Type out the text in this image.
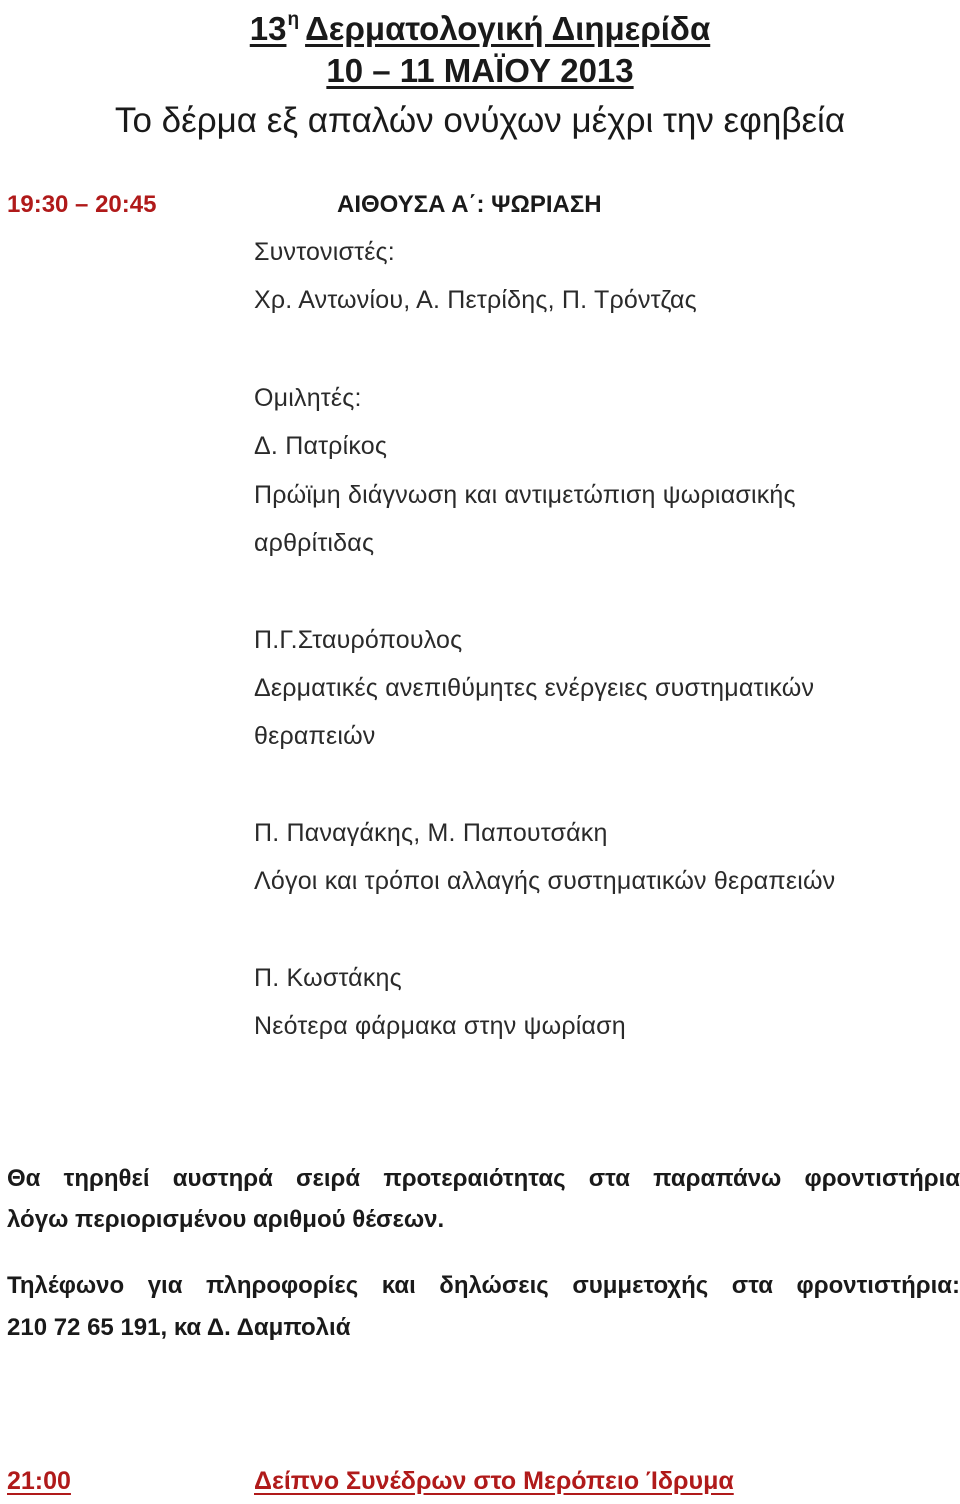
13η Δερματολογική Διημερίδα
10 – 11 ΜΑΪΟΥ 2013
Το δέρμα εξ απαλών ονύχων μέχρι την εφηβεία
19:30 – 20:45	ΑΙΘΟΥΣΑ Α΄: ΨΩΡΙΑΣΗ
Συντονιστές:
Χρ. Αντωνίου, Α. Πετρίδης, Π. Τρόντζας
Ομιλητές:
Δ. Πατρίκος
Πρώϊμη διάγνωση και αντιμετώπιση ψωριασικής
αρθρίτιδας
Π.Γ.Σταυρόπουλος
Δερματικές ανεπιθύμητες ενέργειες συστηματικών
θεραπειών
Π. Παναγάκης, Μ. Παπουτσάκη
Λόγοι και τρόποι αλλαγής συστηματικών θεραπειών
Π. Κωστάκης
Νεότερα φάρμακα στην ψωρίαση
Θα τηρηθεί αυστηρά σειρά προτεραιότητας στα παραπάνω φροντιστήρια
λόγω περιορισμένου αριθμού θέσεων.
Τηλέφωνο για πληροφορίες και δηλώσεις συμμετοχής στα φροντιστήρια:
210 72 65 191, κα Δ. Δαμπολιά
21:00	Δείπνο Συνέδρων στο Μερόπειο Ίδρυμα
